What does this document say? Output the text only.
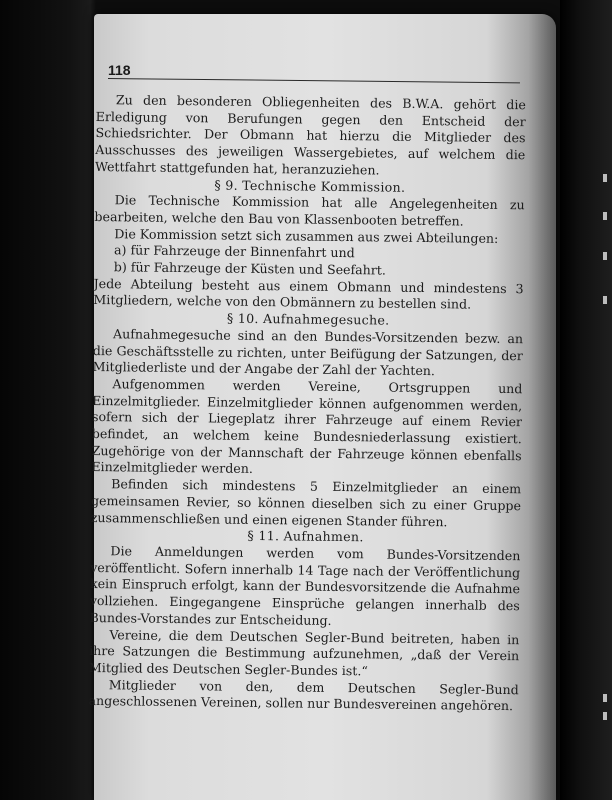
118

Zu den besonderen Obliegenheiten des B.W.A. gehört die Erledigung von Berufungen gegen den Entscheid der Schiedsrichter. Der Obmann hat hierzu die Mitglieder des Ausschusses des jeweiligen Wassergebietes, auf welchem die Wettfahrt stattgefunden hat, heranzuziehen.

§ 9. Technische Kommission.

Die Technische Kommission hat alle Angelegenheiten zu bearbeiten, welche den Bau von Klassenbooten betreffen.

Die Kommission setzt sich zusammen aus zwei Abteilungen:

a) für Fahrzeuge der Binnenfahrt und

b) für Fahrzeuge der Küsten und Seefahrt.

Jede Abteilung besteht aus einem Obmann und mindestens 3 Mitgliedern, welche von den Obmännern zu bestellen sind.

§ 10. Aufnahmegesuche.

Aufnahmegesuche sind an den Bundes-Vorsitzenden bezw. an die Geschäftsstelle zu richten, unter Beifügung der Satzungen, der Mitgliederliste und der Angabe der Zahl der Yachten.

Aufgenommen werden Vereine, Ortsgruppen und Einzelmitglieder. Einzelmitglieder können aufgenommen werden, sofern sich der Liegeplatz ihrer Fahrzeuge auf einem Revier befindet, an welchem keine Bundesniederlassung existiert. Zugehörige von der Mannschaft der Fahrzeuge können ebenfalls Einzelmitglieder werden.

Befinden sich mindestens 5 Einzelmitglieder an einem gemeinsamen Revier, so können dieselben sich zu einer Gruppe zusammenschließen und einen eigenen Stander führen.

§ 11. Aufnahmen.

Die Anmeldungen werden vom Bundes-Vorsitzenden veröffentlicht. Sofern innerhalb 14 Tage nach der Veröffentlichung kein Einspruch erfolgt, kann der Bundesvorsitzende die Aufnahme vollziehen. Eingegangene Einsprüche gelangen innerhalb des Bundes-Vorstandes zur Entscheidung.

Vereine, die dem Deutschen Segler-Bund beitreten, haben in ihre Satzungen die Bestimmung aufzunehmen, „daß der Verein Mitglied des Deutschen Segler-Bundes ist.“

Mitglieder von den, dem Deutschen Segler-Bund angeschlossenen Vereinen, sollen nur Bundesvereinen angehören.
